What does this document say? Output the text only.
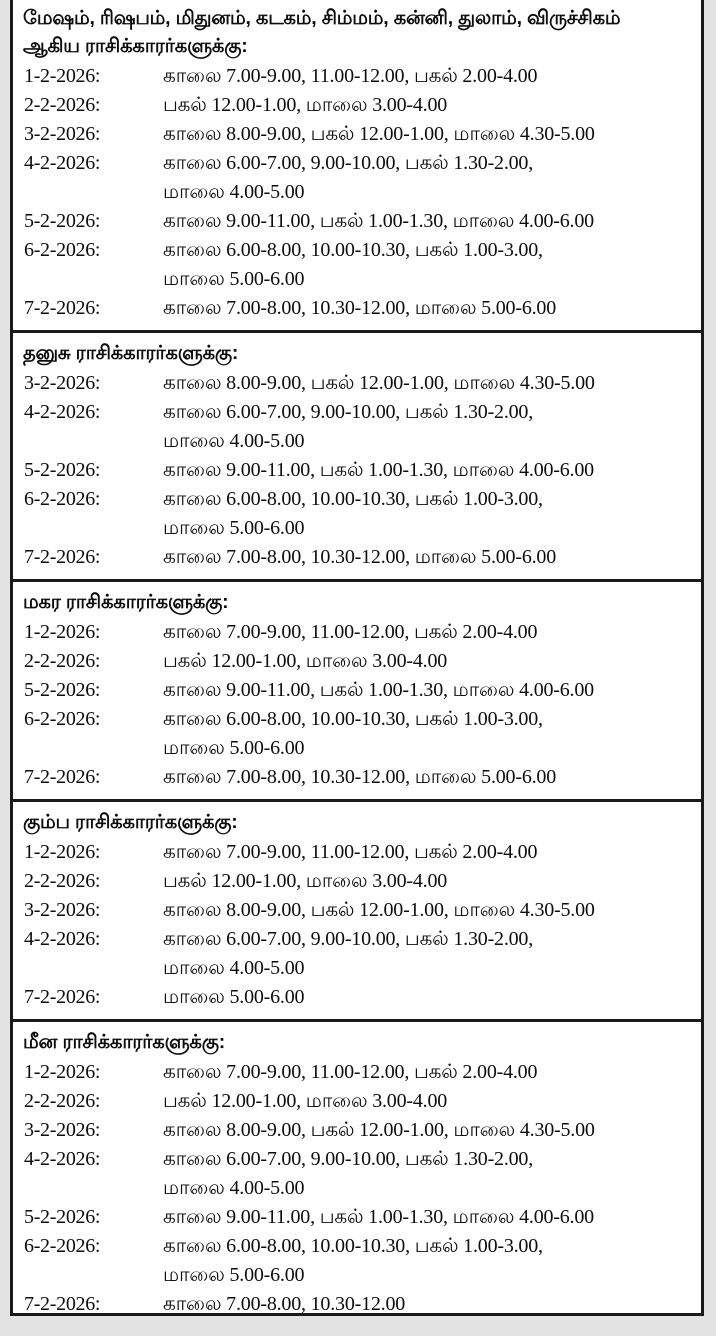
மேஷம், ரிஷபம், மிதுனம், கடகம், சிம்மம், கன்னி, துலாம், விருச்சிகம்
ஆகிய ராசிக்காரர்களுக்கு:
1-2-2026:	காலை 7.00-9.00, 11.00-12.00, பகல் 2.00-4.00
2-2-2026:	பகல் 12.00-1.00, மாலை 3.00-4.00
3-2-2026:	காலை 8.00-9.00, பகல் 12.00-1.00, மாலை 4.30-5.00
4-2-2026:	காலை 6.00-7.00, 9.00-10.00, பகல் 1.30-2.00,
மாலை 4.00-5.00
5-2-2026:	காலை 9.00-11.00, பகல் 1.00-1.30, மாலை 4.00-6.00
6-2-2026:	காலை 6.00-8.00, 10.00-10.30, பகல் 1.00-3.00,
மாலை 5.00-6.00
7-2-2026:	காலை 7.00-8.00, 10.30-12.00, மாலை 5.00-6.00
தனுசு ராசிக்காரர்களுக்கு:
3-2-2026:	காலை 8.00-9.00, பகல் 12.00-1.00, மாலை 4.30-5.00
4-2-2026:	காலை 6.00-7.00, 9.00-10.00, பகல் 1.30-2.00,
மாலை 4.00-5.00
5-2-2026:	காலை 9.00-11.00, பகல் 1.00-1.30, மாலை 4.00-6.00
6-2-2026:	காலை 6.00-8.00, 10.00-10.30, பகல் 1.00-3.00,
மாலை 5.00-6.00
7-2-2026:	காலை 7.00-8.00, 10.30-12.00, மாலை 5.00-6.00
மகர ராசிக்காரர்களுக்கு:
1-2-2026:	காலை 7.00-9.00, 11.00-12.00, பகல் 2.00-4.00
2-2-2026:	பகல் 12.00-1.00, மாலை 3.00-4.00
5-2-2026:	காலை 9.00-11.00, பகல் 1.00-1.30, மாலை 4.00-6.00
6-2-2026:	காலை 6.00-8.00, 10.00-10.30, பகல் 1.00-3.00,
மாலை 5.00-6.00
7-2-2026:	காலை 7.00-8.00, 10.30-12.00, மாலை 5.00-6.00
கும்ப ராசிக்காரர்களுக்கு:
1-2-2026:	காலை 7.00-9.00, 11.00-12.00, பகல் 2.00-4.00
2-2-2026:	பகல் 12.00-1.00, மாலை 3.00-4.00
3-2-2026:	காலை 8.00-9.00, பகல் 12.00-1.00, மாலை 4.30-5.00
4-2-2026:	காலை 6.00-7.00, 9.00-10.00, பகல் 1.30-2.00,
மாலை 4.00-5.00
7-2-2026:	மாலை 5.00-6.00
மீன ராசிக்காரர்களுக்கு:
1-2-2026:	காலை 7.00-9.00, 11.00-12.00, பகல் 2.00-4.00
2-2-2026:	பகல் 12.00-1.00, மாலை 3.00-4.00
3-2-2026:	காலை 8.00-9.00, பகல் 12.00-1.00, மாலை 4.30-5.00
4-2-2026:	காலை 6.00-7.00, 9.00-10.00, பகல் 1.30-2.00,
மாலை 4.00-5.00
5-2-2026:	காலை 9.00-11.00, பகல் 1.00-1.30, மாலை 4.00-6.00
6-2-2026:	காலை 6.00-8.00, 10.00-10.30, பகல் 1.00-3.00,
மாலை 5.00-6.00
7-2-2026:	காலை 7.00-8.00, 10.30-12.00
